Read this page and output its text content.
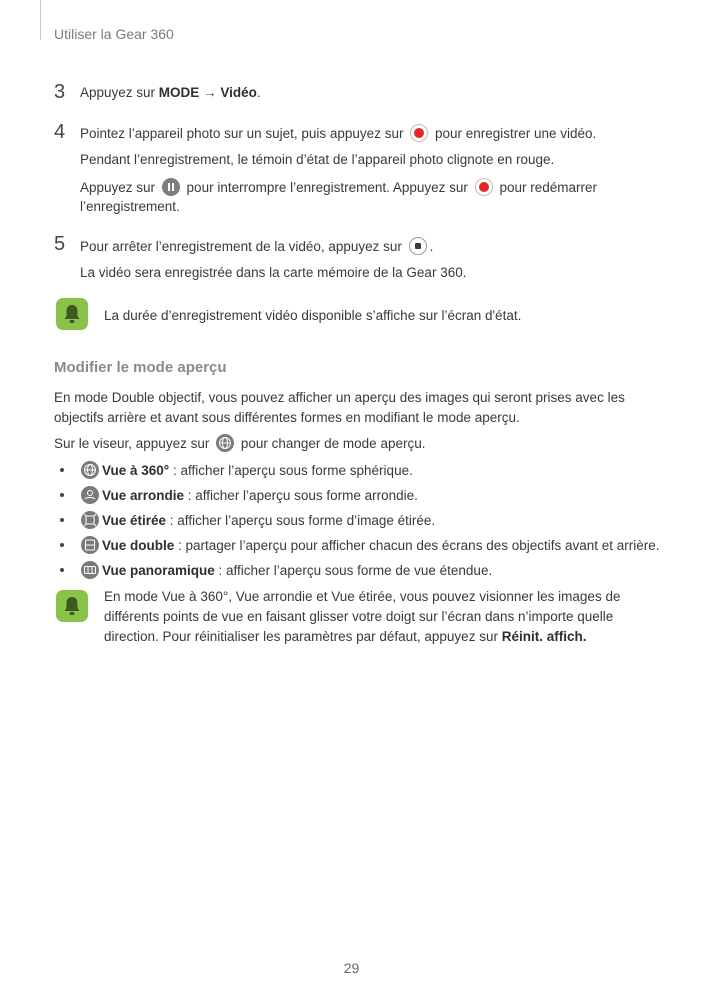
Utiliser la Gear 360
3 Appuyez sur MODE → Vidéo.
4 Pointez l’appareil photo sur un sujet, puis appuyez sur  pour enregistrer une vidéo.
Pendant l’enregistrement, le témoin d’état de l’appareil photo clignote en rouge.
Appuyez sur  pour interrompre l’enregistrement. Appuyez sur  pour redémarrer
l’enregistrement.
5 Pour arrêter l’enregistrement de la vidéo, appuyez sur .
La vidéo sera enregistrée dans la carte mémoire de la Gear 360.
La durée d’enregistrement vidéo disponible s’affiche sur l’écran d'état.
Modifier le mode aperçu
En mode Double objectif, vous pouvez afficher un aperçu des images qui seront prises avec les
objectifs arrière et avant sous différentes formes en modifiant le mode aperçu.
Sur le viseur, appuyez sur
pour changer de mode aperçu.
Vue à 360° : afficher l’aperçu sous forme sphérique.
Vue arrondie : afficher l’aperçu sous forme arrondie.
Vue étirée : afficher l’aperçu sous forme d’image étirée.
Vue double : partager l’aperçu pour afficher chacun des écrans des objectifs avant et arrière.
Vue panoramique : afficher l’aperçu sous forme de vue étendue.
En mode Vue à 360°, Vue arrondie et Vue étirée, vous pouvez visionner les images de
différents points de vue en faisant glisser votre doigt sur l’écran dans n’importe quelle
direction. Pour réinitialiser les paramètres par défaut, appuyez sur Réinit. affich.
29
